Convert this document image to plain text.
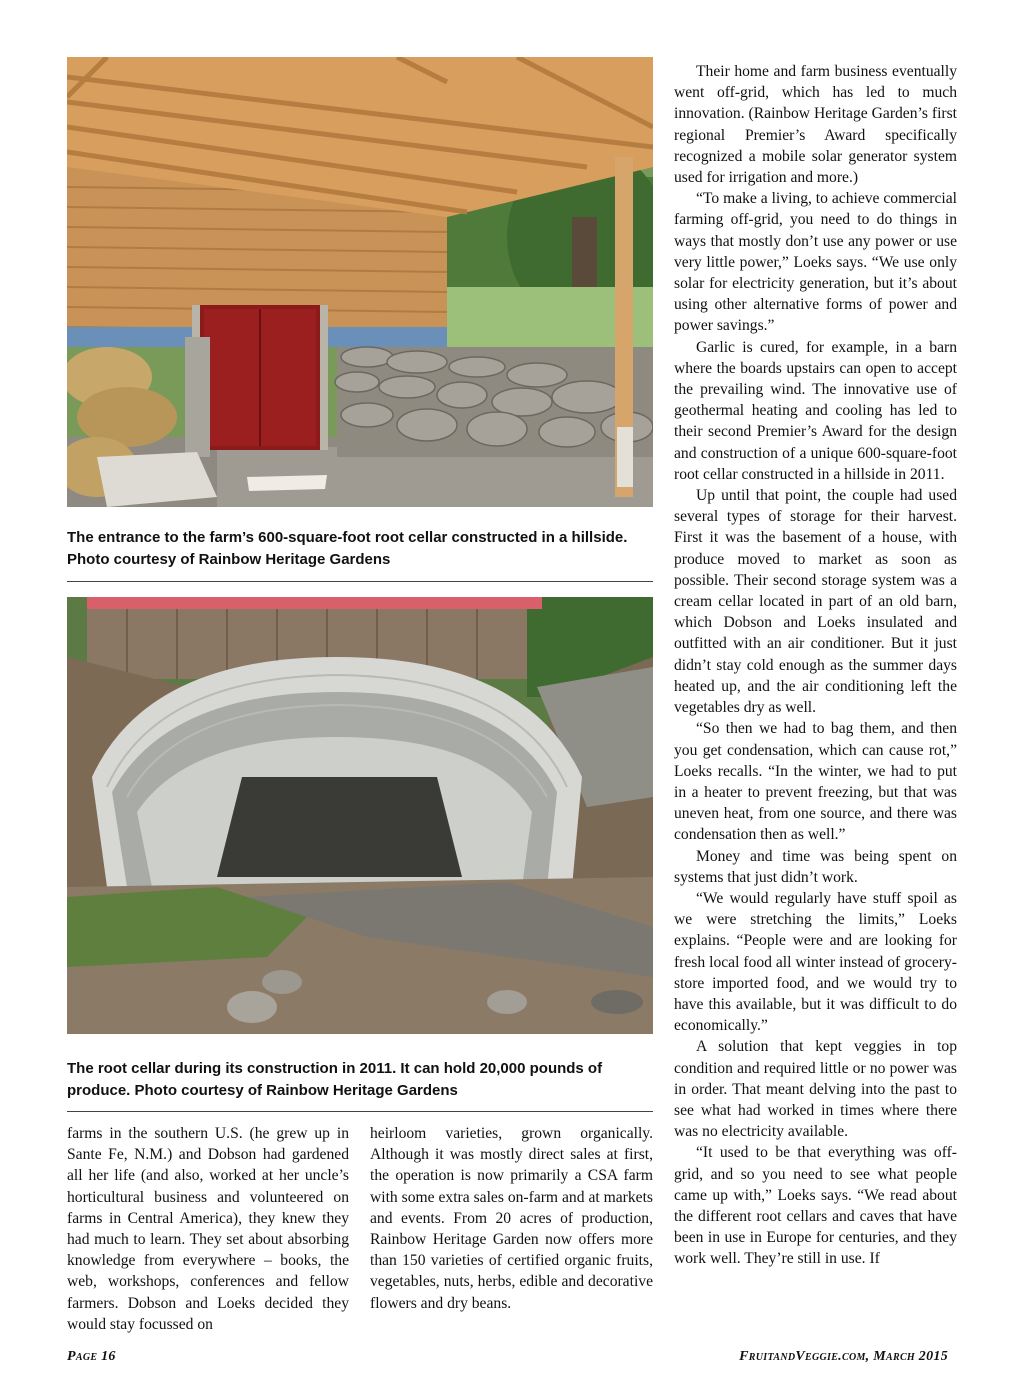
The entrance to the farm’s 600-square-foot root cellar constructed in a hillside. Photo courtesy of Rainbow Heritage Gardens
The root cellar during its construction in 2011. It can hold 20,000 pounds of produce. Photo courtesy of Rainbow Heritage Gardens

farms in the southern U.S. (he grew up in Sante Fe, N.M.) and Dobson had gardened all her life (and also, worked at her uncle’s horticultural business and volunteered on farms in Central America), they knew they had much to learn. They set about absorbing knowledge from everywhere – books, the web, workshops, conferences and fellow farmers. Dobson and Loeks decided they would stay focussed on

heirloom varieties, grown organically. Although it was mostly direct sales at first, the operation is now primarily a CSA farm with some extra sales on-farm and at markets and events. From 20 acres of production, Rainbow Heritage Garden now offers more than 150 varieties of certified organic fruits, vegetables, nuts, herbs, edible and decorative flowers and dry beans.

Their home and farm business eventually went off-grid, which has led to much innovation. (Rainbow Heritage Garden’s first regional Premier’s Award specifically recognized a mobile solar generator system used for irrigation and more.)

“To make a living, to achieve commercial farming off-grid, you need to do things in ways that mostly don’t use any power or use very little power,” Loeks says. “We use only solar for electricity generation, but it’s about using other alternative forms of power and power savings.”

Garlic is cured, for example, in a barn where the boards upstairs can open to accept the prevailing wind. The innovative use of geothermal heating and cooling has led to their second Premier’s Award for the design and construction of a unique 600-square-foot root cellar constructed in a hillside in 2011.

Up until that point, the couple had used several types of storage for their harvest. First it was the basement of a house, with produce moved to market as soon as possible. Their second storage system was a cream cellar located in part of an old barn, which Dobson and Loeks insulated and outfitted with an air conditioner. But it just didn’t stay cold enough as the summer days heated up, and the air conditioning left the vegetables dry as well.

“So then we had to bag them, and then you get condensation, which can cause rot,” Loeks recalls. “In the winter, we had to put in a heater to prevent freezing, but that was uneven heat, from one source, and there was condensation then as well.”

Money and time was being spent on systems that just didn’t work.

“We would regularly have stuff spoil as we were stretching the limits,” Loeks explains. “People were and are looking for fresh local food all winter instead of grocery-store imported food, and we would try to have this available, but it was difficult to do economically.”

A solution that kept veggies in top condition and required little or no power was in order. That meant delving into the past to see what had worked in times where there was no electricity available.

“It used to be that everything was off-grid, and so you need to see what people came up with,” Loeks says. “We read about the different root cellars and caves that have been in use in Europe for centuries, and they work well. They’re still in use. If

Page 16	FruitandVeggie.com, March 2015
